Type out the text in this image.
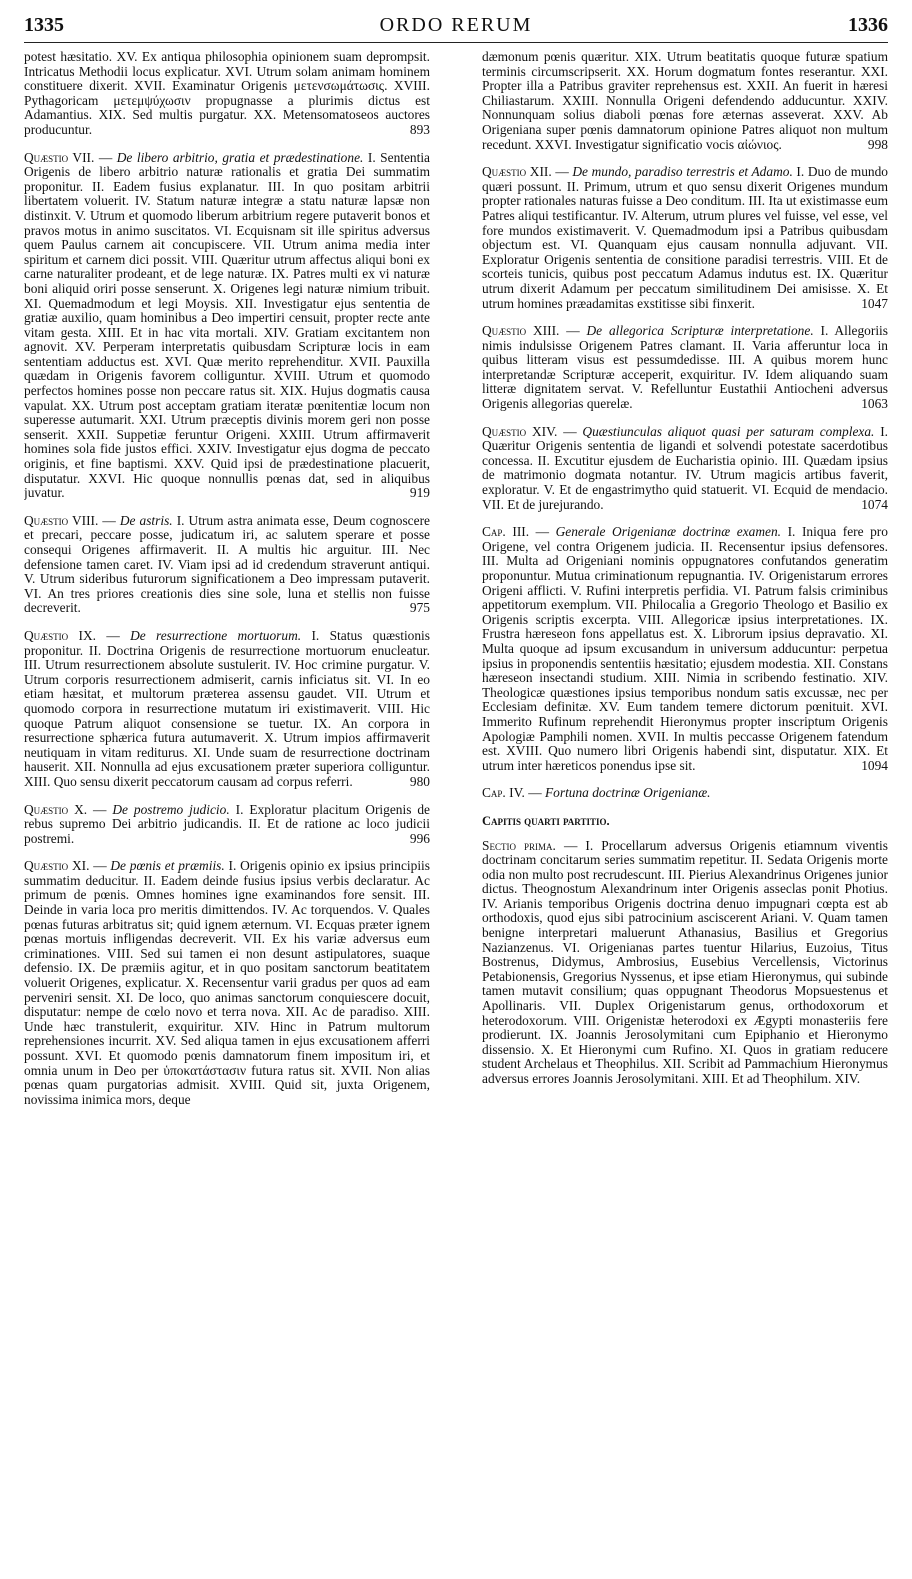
1335	ORDO RERUM	1336

potest hæsitatio. XV. Ex antiqua philosophia opinionem suam deprompsit. Intricatus Methodii locus explicatur. XVI. Utrum solam animam hominem constituere dixerit. XVII. Examinatur Origenis μετενσωμάτωσις. XVIII. Pythagoricam μετεμψύχωσιν propugnasse a plurimis dictus est Adamantius. XIX. Sed multis purgatur. XX. Metensomatoseos auctores producuntur.	893

Quæstio VII. — De libero arbitrio, gratia et prædestinatione. I. Sententia Origenis de libero arbitrio naturæ rationalis et gratia Dei summatim proponitur. II. Eadem fusius explanatur. III. In quo positam arbitrii libertatem voluerit. IV. Statum naturæ integræ a statu naturæ lapsæ non distinxit. V. Utrum et quomodo liberum arbitrium regere putaverit bonos et pravos motus in animo suscitatos. VI. Ecquisnam sit ille spiritus adversus quem Paulus carnem ait concupiscere. VII. Utrum anima media inter spiritum et carnem dici possit. VIII. Quæritur utrum affectus aliqui boni ex carne naturaliter prodeant, et de lege naturæ. IX. Patres multi ex vi naturæ boni aliquid oriri posse senserunt. X. Origenes legi naturæ nimium tribuit. XI. Quemadmodum et legi Moysis. XII. Investigatur ejus sententia de gratiæ auxilio, quam hominibus a Deo impertiri censuit, propter recte ante vitam gesta. XIII. Et in hac vita mortali. XIV. Gratiam excitantem non agnovit. XV. Perperam interpretatis quibusdam Scripturæ locis in eam sententiam adductus est. XVI. Quæ merito reprehenditur. XVII. Pauxilla quædam in Origenis favorem colliguntur. XVIII. Utrum et quomodo perfectos homines posse non peccare ratus sit. XIX. Hujus dogmatis causa vapulat. XX. Utrum post acceptam gratiam iteratæ pœnitentiæ locum non superesse autumarit. XXI. Utrum præceptis divinis morem geri non posse senserit. XXII. Suppetiæ feruntur Origeni. XXIII. Utrum affirmaverit homines sola fide justos effici. XXIV. Investigatur ejus dogma de peccato originis, et fine baptismi. XXV. Quid ipsi de prædestinatione placuerit, disputatur. XXVI. Hic quoque nonnullis pœnas dat, sed in aliquibus juvatur.	919

Quæstio VIII. — De astris. I. Utrum astra animata esse, Deum cognoscere et precari, peccare posse, judicatum iri, ac salutem sperare et posse consequi Origenes affirmaverit. II. A multis hic arguitur. III. Nec defensione tamen caret. IV. Viam ipsi ad id credendum straverunt antiqui. V. Utrum sideribus futurorum significationem a Deo impressam putaverit. VI. An tres priores creationis dies sine sole, luna et stellis non fuisse decreverit.	975

Quæstio IX. — De resurrectione mortuorum. I. Status quæstionis proponitur. II. Doctrina Origenis de resurrectione mortuorum enucleatur. III. Utrum resurrectionem absolute sustulerit. IV. Hoc crimine purgatur. V. Utrum corporis resurrectionem admiserit, carnis inficiatus sit. VI. In eo etiam hæsitat, et multorum præterea assensu gaudet. VII. Utrum et quomodo corpora in resurrectione mutatum iri existimaverit. VIII. Hic quoque Patrum aliquot consensione se tuetur. IX. An corpora in resurrectione sphærica futura autumaverit. X. Utrum impios affirmaverit neutiquam in vitam rediturus. XI. Unde suam de resurrectione doctrinam hauserit. XII. Nonnulla ad ejus excusationem præter superiora colliguntur. XIII. Quo sensu dixerit peccatorum causam ad corpus referri.	980

Quæstio X. — De postremo judicio. I. Exploratur placitum Origenis de rebus supremo Dei arbitrio judicandis. II. Et de ratione ac loco judicii postremi.	996

Quæstio XI. — De pœnis et præmiis. I. Origenis opinio ex ipsius principiis summatim deducitur. II. Eadem deinde fusius ipsius verbis declaratur. Ac primum de pœnis. Omnes homines igne examinandos fore sensit. III. Deinde in varia loca pro meritis dimittendos. IV. Ac torquendos. V. Quales pœnas futuras arbitratus sit; quid ignem æternum. VI. Ecquas præter ignem pœnas mortuis infligendas decreverit. VII. Ex his variæ adversus eum criminationes. VIII. Sed sui tamen ei non desunt astipulatores, suaque defensio. IX. De præmiis agitur, et in quo positam sanctorum beatitatem voluerit Origenes, explicatur. X. Recensentur varii gradus per quos ad eam perveniri sensit. XI. De loco, quo animas sanctorum conquiescere docuit, disputatur: nempe de cœlo novo et terra nova. XII. Ac de paradiso. XIII. Unde hæc transtulerit, exquiritur. XIV. Hinc in Patrum multorum reprehensiones incurrit. XV. Sed aliqua tamen in ejus excusationem afferri possunt. XVI. Et quomodo pœnis damnatorum finem impositum iri, et omnia unum in Deo per ὑποκατάστασιν futura ratus sit. XVII. Non alias pœnas quam purgatorias admisit. XVIII. Quid sit, juxta Origenem, novissima inimica mors, deque

dæmonum pœnis quæritur. XIX. Utrum beatitatis quoque futuræ spatium terminis circumscripserit. XX. Horum dogmatum fontes reserantur. XXI. Propter illa a Patribus graviter reprehensus est. XXII. An fuerit in hæresi Chiliastarum. XXIII. Nonnulla Origeni defendendo adducuntur. XXIV. Nonnunquam solius diaboli pœnas fore æternas asseverat. XXV. Ab Origeniana super pœnis damnatorum opinione Patres aliquot non multum recedunt. XXVI. Investigatur significatio vocis αἰώνιος.	998

Quæstio XII. — De mundo, paradiso terrestris et Adamo. I. Duo de mundo quæri possunt. II. Primum, utrum et quo sensu dixerit Origenes mundum propter rationales naturas fuisse a Deo conditum. III. Ita ut existimasse eum Patres aliqui testificantur. IV. Alterum, utrum plures vel fuisse, vel esse, vel fore mundos existimaverit. V. Quemadmodum ipsi a Patribus quibusdam objectum est. VI. Quanquam ejus causam nonnulla adjuvant. VII. Exploratur Origenis sententia de consitione paradisi terrestris. VIII. Et de scorteis tunicis, quibus post peccatum Adamus indutus est. IX. Quæritur utrum dixerit Adamum per peccatum similitudinem Dei amisisse. X. Et utrum homines præadamitas exstitisse sibi finxerit.	1047

Quæstio XIII. — De allegorica Scripturæ interpretatione. I. Allegoriis nimis indulsisse Origenem Patres clamant. II. Varia afferuntur loca in quibus litteram visus est pessumdedisse. III. A quibus morem hunc interpretandæ Scripturæ acceperit, exquiritur. IV. Idem aliquando suam litteræ dignitatem servat. V. Refelluntur Eustathii Antiocheni adversus Origenis allegorias querelæ.	1063

Quæstio XIV. — Quæstiunculas aliquot quasi per saturam complexa. I. Quæritur Origenis sententia de ligandi et solvendi potestate sacerdotibus concessa. II. Excutitur ejusdem de Eucharistia opinio. III. Quædam ipsius de matrimonio dogmata notantur. IV. Utrum magicis artibus faverit, exploratur. V. Et de engastrimytho quid statuerit. VI. Ecquid de mendacio. VII. Et de jurejurando.	1074

Cap. III. — Generale Origenianæ doctrinæ examen. I. Iniqua fere pro Origene, vel contra Origenem judicia. II. Recensentur ipsius defensores. III. Multa ad Origeniani nominis oppugnatores confutandos generatim proponuntur. Mutua criminationum repugnantia. IV. Origenistarum errores Origeni afflicti. V. Rufini interpretis perfidia. VI. Patrum falsis criminibus appetitorum exemplum. VII. Philocalia a Gregorio Theologo et Basilio ex Origenis scriptis excerpta. VIII. Allegoricæ ipsius interpretationes. IX. Frustra hæreseon fons appellatus est. X. Librorum ipsius depravatio. XI. Multa quoque ad ipsum excusandum in universum adducuntur: perpetua ipsius in proponendis sententiis hæsitatio; ejusdem modestia. XII. Constans hæreseon insectandi studium. XIII. Nimia in scribendo festinatio. XIV. Theologicæ quæstiones ipsius temporibus nondum satis excussæ, nec per Ecclesiam definitæ. XV. Eum tandem temere dictorum pœnituit. XVI. Immerito Rufinum reprehendit Hieronymus propter inscriptum Origenis Apologiæ Pamphili nomen. XVII. In multis peccasse Origenem fatendum est. XVIII. Quo numero libri Origenis habendi sint, disputatur. XIX. Et utrum inter hæreticos ponendus ipse sit.	1094

Cap. IV. — Fortuna doctrinæ Origenianæ.

Capitis quarti partitio.

Sectio prima. — I. Procellarum adversus Origenis etiamnum viventis doctrinam concitarum series summatim repetitur. II. Sedata Origenis morte odia non multo post recrudescunt. III. Pierius Alexandrinus Origenes junior dictus. Theognostum Alexandrinum inter Origenis asseclas ponit Photius. IV. Arianis temporibus Origenis doctrina denuo impugnari cœpta est ab orthodoxis, quod ejus sibi patrocinium asciscerent Ariani. V. Quam tamen benigne interpretari maluerunt Athanasius, Basilius et Gregorius Nazianzenus. VI. Origenianas partes tuentur Hilarius, Euzoius, Titus Bostrenus, Didymus, Ambrosius, Eusebius Vercellensis, Victorinus Petabionensis, Gregorius Nyssenus, et ipse etiam Hieronymus, qui subinde tamen mutavit consilium; quas oppugnant Theodorus Mopsuestenus et Apollinaris. VII. Duplex Origenistarum genus, orthodoxorum et heterodoxorum. VIII. Origenistæ heterodoxi ex Ægypti monasteriis fere prodierunt. IX. Joannis Jerosolymitani cum Epiphanio et Hieronymo dissensio. X. Et Hieronymi cum Rufino. XI. Quos in gratiam reducere student Archelaus et Theophilus. XII. Scribit ad Pammachium Hieronymus adversus errores Joannis Jerosolymitani. XIII. Et ad Theophilum. XIV.
